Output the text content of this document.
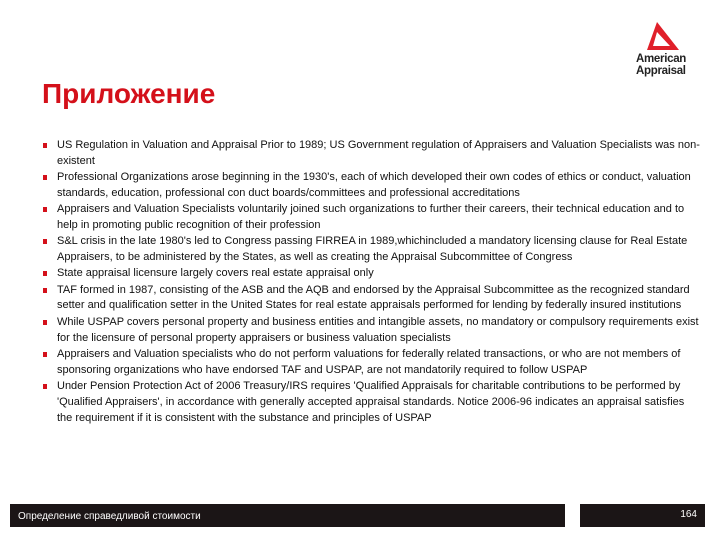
American
Appraisal
Приложение
US Regulation in Valuation and Appraisal Prior to 1989; US Government regulation of Appraisers and Valuation Specialists was non-existent
Professional Organizations arose beginning in the 1930's, each of which developed their own codes of ethics or conduct, valuation standards, education, professional con duct boards/committees and professional accreditations
Appraisers and Valuation Specialists voluntarily joined such organizations to further their careers, their technical education and to help in promoting public recognition of their profession
S&L crisis in the late 1980's led to Congress passing FIRREA in 1989,whichincluded a mandatory licensing clause for Real Estate Appraisers, to be administered by the States, as well as creating the Appraisal Subcommittee of Congress
State appraisal licensure largely covers real estate appraisal only
TAF formed in 1987, consisting of the ASB and the AQB and endorsed by the Appraisal Subcommittee as the recognized standard setter and qualification setter in the United States for real estate appraisals performed for lending by federally insured institutions
While USPAP covers personal property and business entities and intangible assets, no mandatory or compulsory requirements exist for the licensure of personal property appraisers or business valuation specialists
Appraisers and Valuation specialists who do not perform valuations for federally related transactions, or who are not members of sponsoring organizations who have endorsed TAF and USPAP, are not mandatorily required to follow USPAP
Under Pension Protection Act of 2006 Treasury/IRS requires 'Qualified Appraisals for charitable contributions to be performed by 'Qualified Appraisers', in accordance with generally accepted appraisal standards. Notice 2006-96 indicates an appraisal satisfies the requirement if it is consistent with the substance and principles of USPAP
Определение справедливой стоимости	164
